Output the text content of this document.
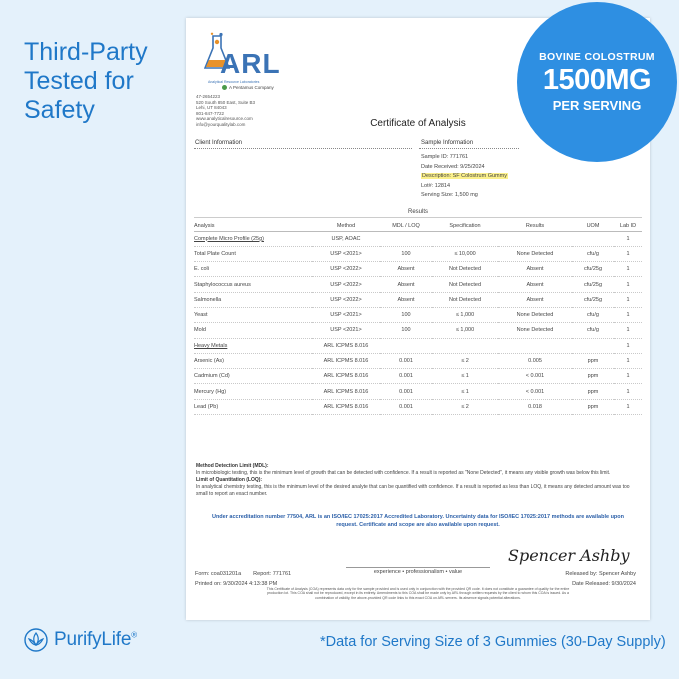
Third-Party
Tested for
Safety
ARL
Analytical Resource Laboratories
A Pentamus Company
47-2654223
520 South 850 East, Suite B3
Lehi, UT 84043
801-847-7722
www.analyticalresource.com
info@yourqualitylab.com	Certificate of Analysis
Client Information	Sample Information
Sample ID: 771761
Date Received: 9/25/2024
Description: SF Colostrum Gummy
Lot#: 12814
Serving Size: 1,500 mg
Results
Analysis	Method	MDL / LOQ	Specification	Results	UOM	Lab ID
Complete Micro Profile (25g)	USP, AOAC					1
Total Plate Count	USP <2021>	100	≤ 10,000	None Detected	cfu/g	1
E. coli	USP <2022>	Absent	Not Detected	Absent	cfu/25g	1
Staphylococcus aureus	USP <2022>	Absent	Not Detected	Absent	cfu/25g	1
Salmonella	USP <2022>	Absent	Not Detected	Absent	cfu/25g	1
Yeast	USP <2021>	100	≤ 1,000	None Detected	cfu/g	1
Mold	USP <2021>	100	≤ 1,000	None Detected	cfu/g	1
Heavy Metals	ARL ICPMS 8.016					1
Arsenic (As)	ARL ICPMS 8.016	0.001	≤ 2	0.005	ppm	1
Cadmium (Cd)	ARL ICPMS 8.016	0.001	≤ 1	< 0.001	ppm	1
Mercury (Hg)	ARL ICPMS 8.016	0.001	≤ 1	< 0.001	ppm	1
Lead (Pb)	ARL ICPMS 8.016	0.001	≤ 2	0.018	ppm	1
Method Detection Limit (MDL):
In microbiologic testing, this is the minimum level of growth that can be detected with confidence. If a result is reported as "None Detected", it means any visible growth was below this limit.
Limit of Quantitation (LOQ):
In analytical chemistry testing, this is the minimum level of the desired analyte that can be quantified with confidence. If a result is reported as less than LOQ, it means any detected amount was too small to report an exact number.
Under accreditation number 77504, ARL is an ISO/IEC 17025:2017 Accredited Laboratory. Uncertainty data for ISO/IEC 17025:2017 methods are available upon request. Certificate and scope are also available upon request.
Spencer Ashby
Form: coa031201a Report: 771761
Printed on: 9/30/2024 4:13:38 PM
experience • professionalism • value	Released by: Spencer Ashby
Date Released: 9/30/2024
This Certificate of Analysis (COA) represents data only for the sample provided and is used only in conjunction with the provided QR code. It does not constitute a guarantee of quality for the entire production lot. This COA shall not be reproduced, except in its entirety. Amendments to this COA shall be made only by ARL through written requests by the client to whom this COA is issued. As a combination of validity, the above-provided QR code links to this exact COA on ARL servers. Its absence signals potential alterations.
BOVINE COLOSTRUM
1500MG
PER SERVING
PurifyLife®	*Data for Serving Size of 3 Gummies (30-Day Supply)
